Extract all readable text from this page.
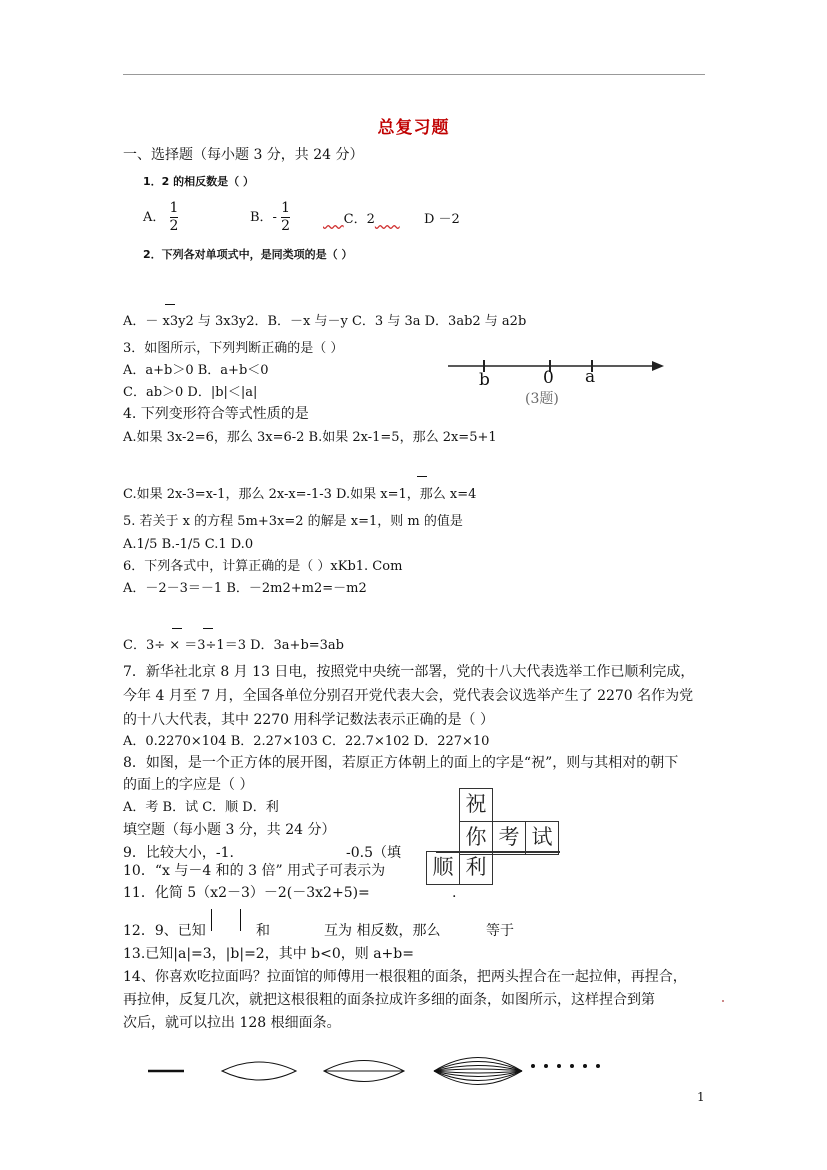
总复习题
一、选择题（每小题 3 分，共 24 分）
1．2 的相反数是（ ）
A． $\frac{1}{2}$	B．- $\frac{1}{2}$	​     C．2	D －2
2．下列各对单项式中，是同类项的是（ ）
A．－ x3y2 与 3x3y2．B．－x 与－y C．3 与 3a D．3ab2 与 a2b
3．如图所示，下列判断正确的是（ ）
A．a+b＞0 B．a+b＜0
C．ab＞0 D．|b|＜|a|
b	0 a
(3题)
4. 下列变形符合等式性质的是
A.如果 3x-2=6，那么 3x=6-2 B.如果 2x-1=5，那么 2x=5+1
C.如果 2x-3=x-1，那么 2x-x=-1-3 D.如果 x=1，那么 x=4
5. 若关于 x 的方程 5m+3x=2 的解是 x=1，则 m 的值是
A.1/5 B.-1/5 C.1 D.0
6．下列各式中，计算正确的是（ ）xKb1. Com
A．－2－3＝－1 B．－2m2+m2=－m2
C．3÷ × ＝3÷1＝3 D．3a+b=3ab
7．新华社北京 8 月 13 日电，按照党中央统一部署，党的十八大代表选举工作已顺利完成，
今年 4 月至 7 月，全国各单位分别召开党代表大会，党代表会议选举产生了 2270 名作为党
的十八大代表，其中 2270 用科学记数法表示正确的是（ ）
A．0.2270×104 B．2.27×103 C．22.7×102 D．227×10
8．如图，是一个正方体的展开图，若原正方体朝上的面上的字是“祝”，则与其相对的朝下
的面上的字应是（ ）
A．考 B．试 C．顺 D．利	祝
你 考 试
顺 利
填空题（每小题 3 分，共 24 分）
9．比较大小，-1.	-0.5（填
10．“x 与－4 和的 3 倍” 用式子可表示为
11．化简 5（x2－3）－2(－3x2+5)=	.
12．9、已知	和	互为 相反数，那么	等于
13.已知|a|=3，|b|=2，其中 b<0，则 a+b=
14、你喜欢吃拉面吗？拉面馆的师傅用一根很粗的面条，把两头捏合在一起拉伸，再捏合，
再拉伸，反复几次，就把这根很粗的面条拉成许多细的面条，如图所示，这样捏合到第
次后，就可以拉出 128 根细面条。
1
